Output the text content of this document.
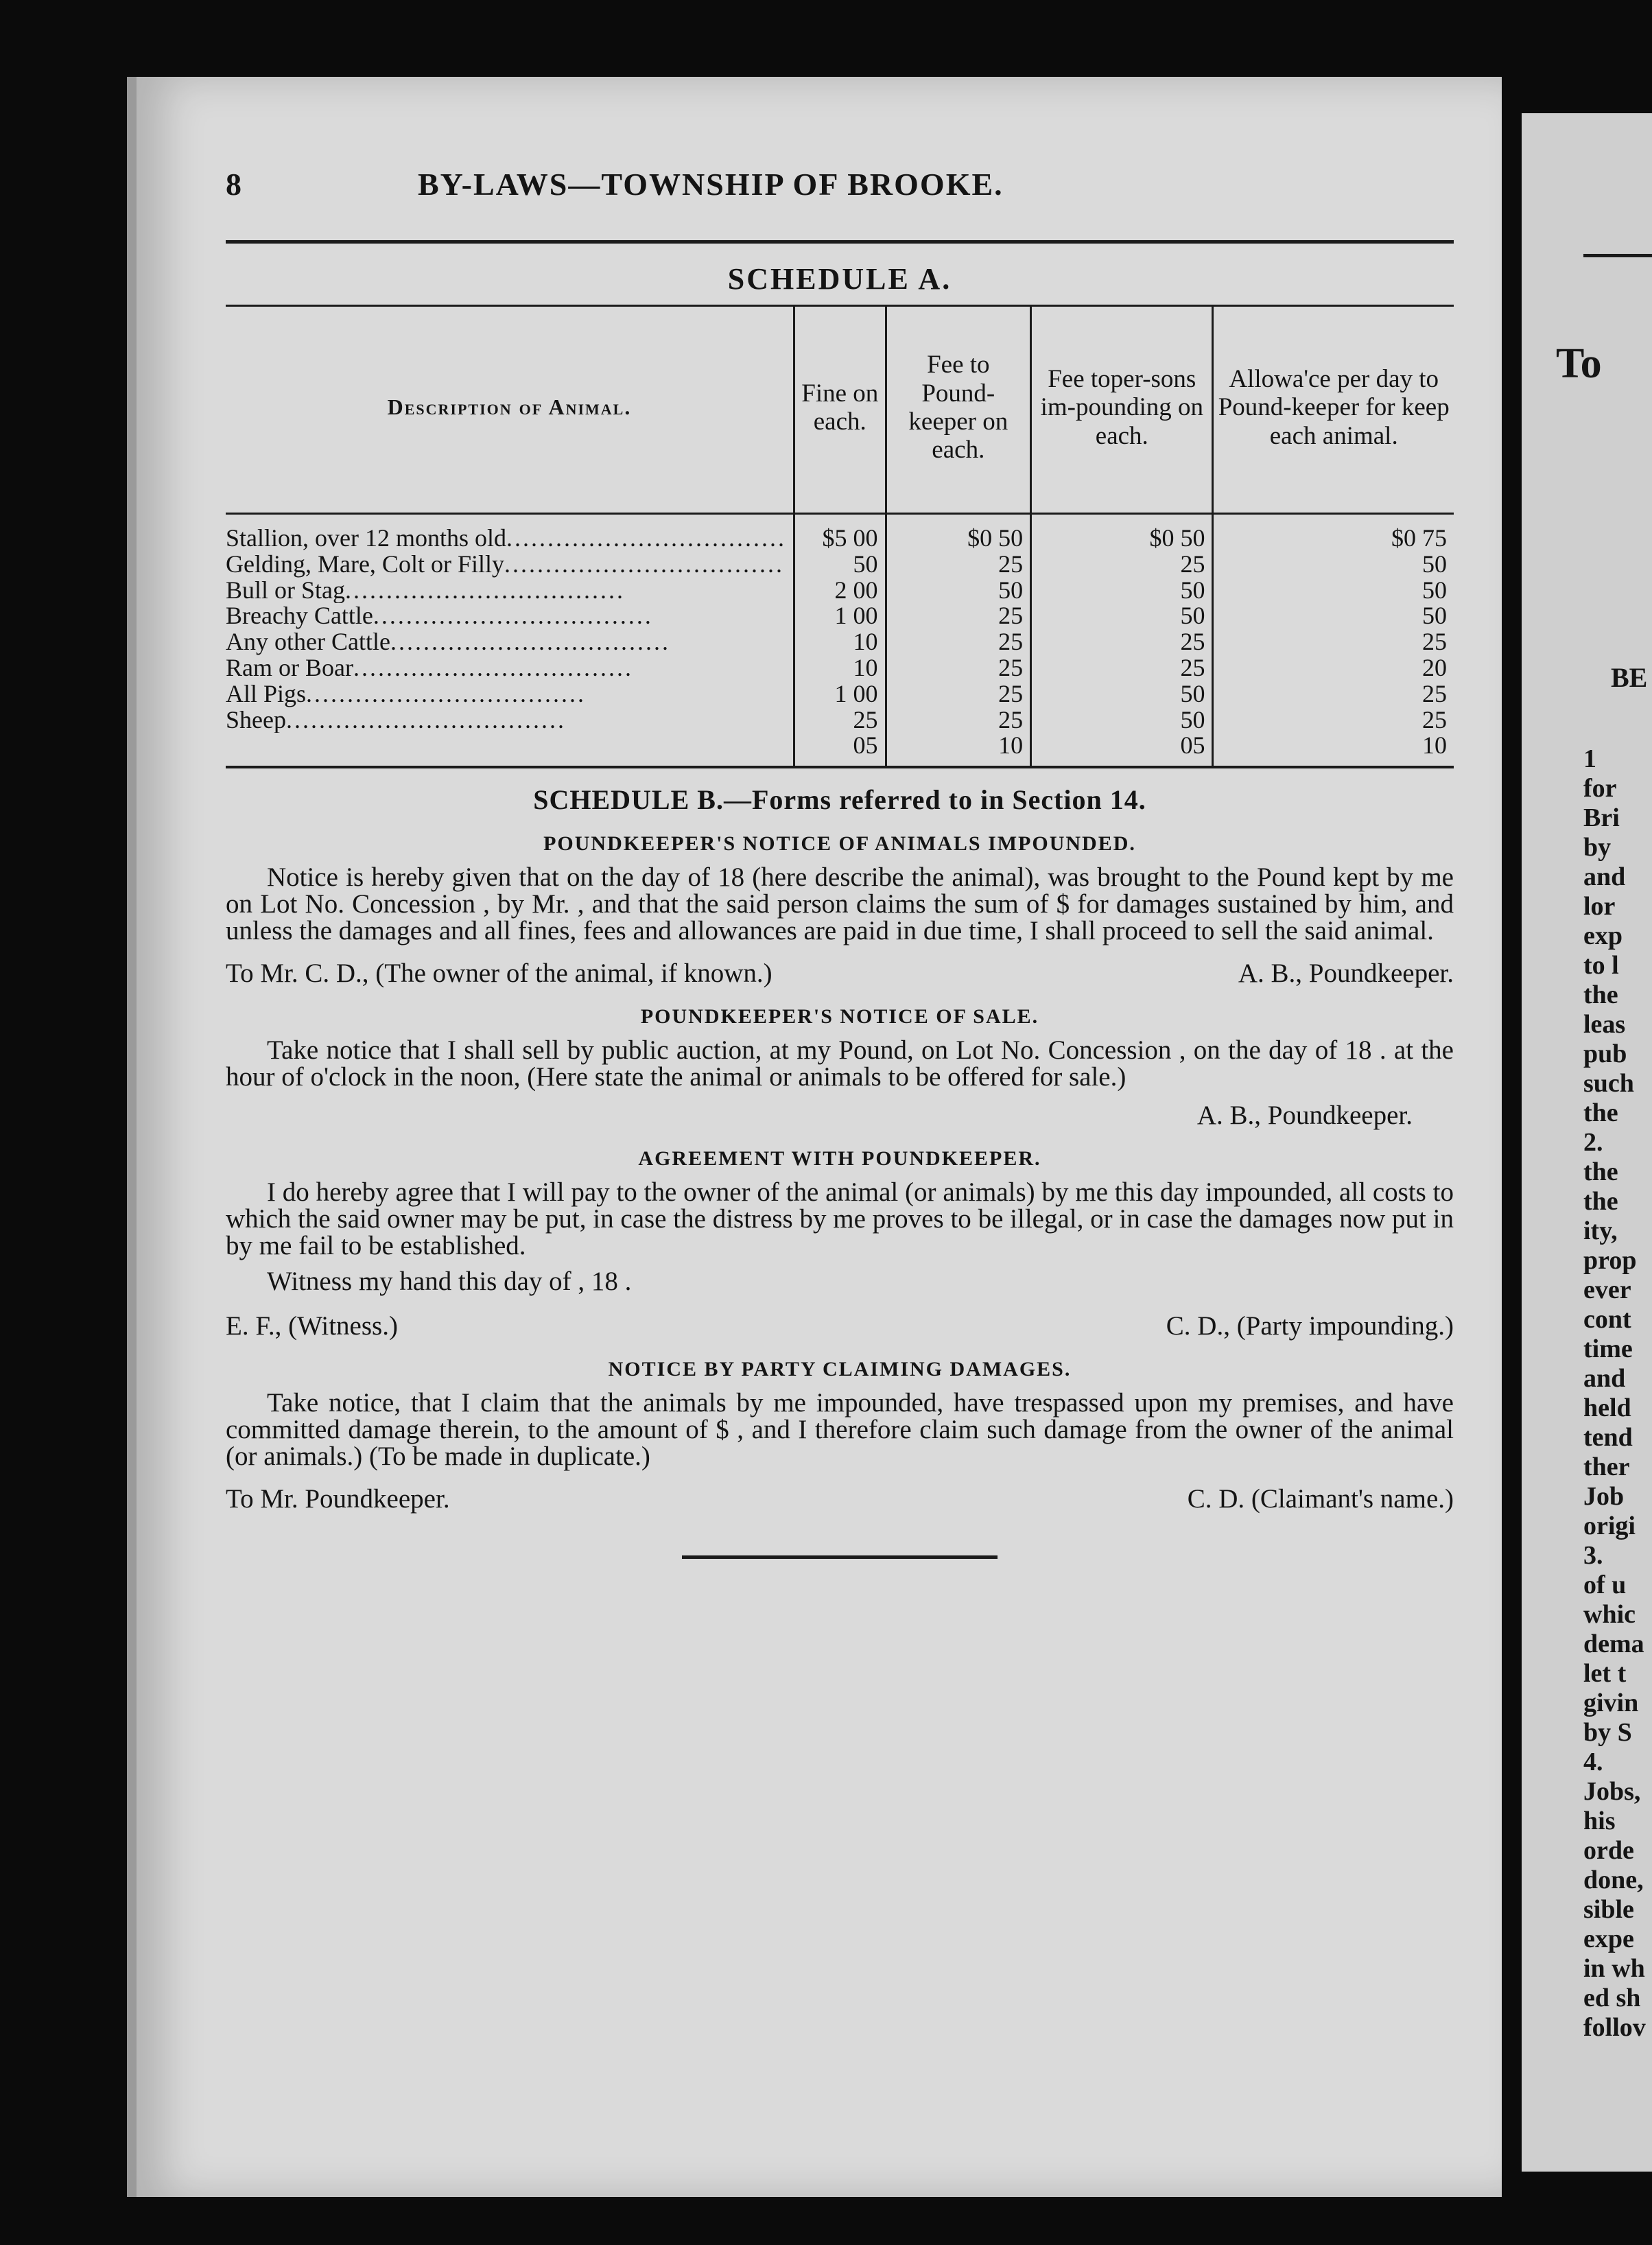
8	BY-LAWS—TOWNSHIP OF BROOKE.
SCHEDULE A.
Description of Animal.	Fine on each.	Fee to Pound-keeper on each.	Fee toper-sons im-pounding on each.	Allowa'ce per day to Pound-keeper for keep each animal.
Stallion, over 12 months old..................................	$5 00	$0 50	$0 50	$0 75
Gelding, Mare, Colt or Filly..................................	50	25	25	50
Bull or Stag..................................	2 00	50	50	50
Breachy Cattle..................................	1 00	25	50	50
Any other Cattle..................................	10	25	25	25
Ram or Boar..................................	10	25	25	20
All Pigs..................................	1 00	25	50	25
Sheep..................................	25	25	50	25
	05	10	05	10
SCHEDULE B.—Forms referred to in Section 14.
POUNDKEEPER'S NOTICE OF ANIMALS IMPOUNDED.

Notice is hereby given that on the day of 18 (here describe the animal), was brought to the Pound kept by me on Lot No. Concession , by Mr. , and that the said person claims the sum of $ for damages sustained by him, and unless the damages and all fines, fees and allowances are paid in due time, I shall proceed to sell the said animal.

To Mr. C. D., (The owner of the animal, if known.)	A. B., Poundkeeper.
POUNDKEEPER'S NOTICE OF SALE.

Take notice that I shall sell by public auction, at my Pound, on Lot No. Concession , on the day of 18 . at the hour of o'clock in the noon, (Here state the animal or animals to be offered for sale.)

A. B., Poundkeeper.
AGREEMENT WITH POUNDKEEPER.

I do hereby agree that I will pay to the owner of the animal (or animals) by me this day impounded, all costs to which the said owner may be put, in case the distress by me proves to be illegal, or in case the damages now put in by me fail to be established.

Witness my hand this day of , 18 .
E. F., (Witness.)	C. D., (Party impounding.)
NOTICE BY PARTY CLAIMING DAMAGES.

Take notice, that I claim that the animals by me impounded, have trespassed upon my premises, and have committed damage therein, to the amount of $ , and I therefore claim such damage from the owner of the animal (or animals.) (To be made in duplicate.)

To Mr. Poundkeeper.	C. D. (Claimant's name.)
To
BE
1
for
Bri
by
and
lor
exp
to l
the
leas
pub
such
the
2.
the
the
ity,
prop
ever
cont
time
and
held
tend
ther
Job
origi
3.
of u
whic
dema
let t
givin
by S
4.
Jobs,
his
orde
done,
sible
expe
in wh
ed sh
follov
